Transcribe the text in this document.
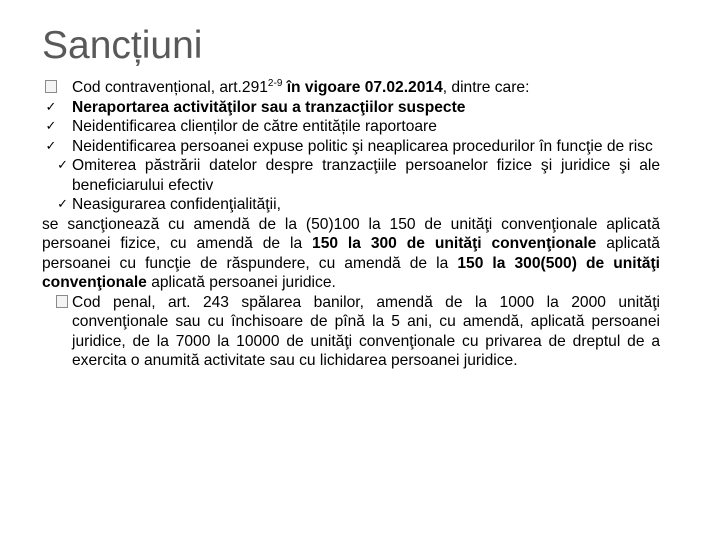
Sancțiuni
Cod contravențional, art.291$^{2-9}$ în vigoare 07.02.2014, dintre care:
✓ Neraportarea activităţilor sau a tranzacţiilor suspecte
✓ Neidentificarea clienților de către entitățile raportoare
✓ Neidentificarea persoanei expuse politic şi neaplicarea procedurilor în funcţie de risc
✓ Omiterea păstrării datelor despre tranzacţiile persoanelor fizice şi juridice şi ale beneficiarului efectiv
✓ Neasigurarea confidenţialităţii,
se sancţionează cu amendă de la (50)100 la 150 de unităţi convenţionale aplicată persoanei fizice, cu amendă de la 150 la 300 de unităţi convenţionale aplicată persoanei cu funcţie de răspundere, cu amendă de la 150 la 300(500) de unităţi convenţionale aplicată persoanei juridice.
Cod penal, art. 243 spălarea banilor, amendă de la 1000 la 2000 unităţi convenţionale sau cu închisoare de pînă la 5 ani, cu amendă, aplicată persoanei juridice, de la 7000 la 10000 de unităţi convenţionale cu privarea de dreptul de a exercita o anumită activitate sau cu lichidarea persoanei juridice.
